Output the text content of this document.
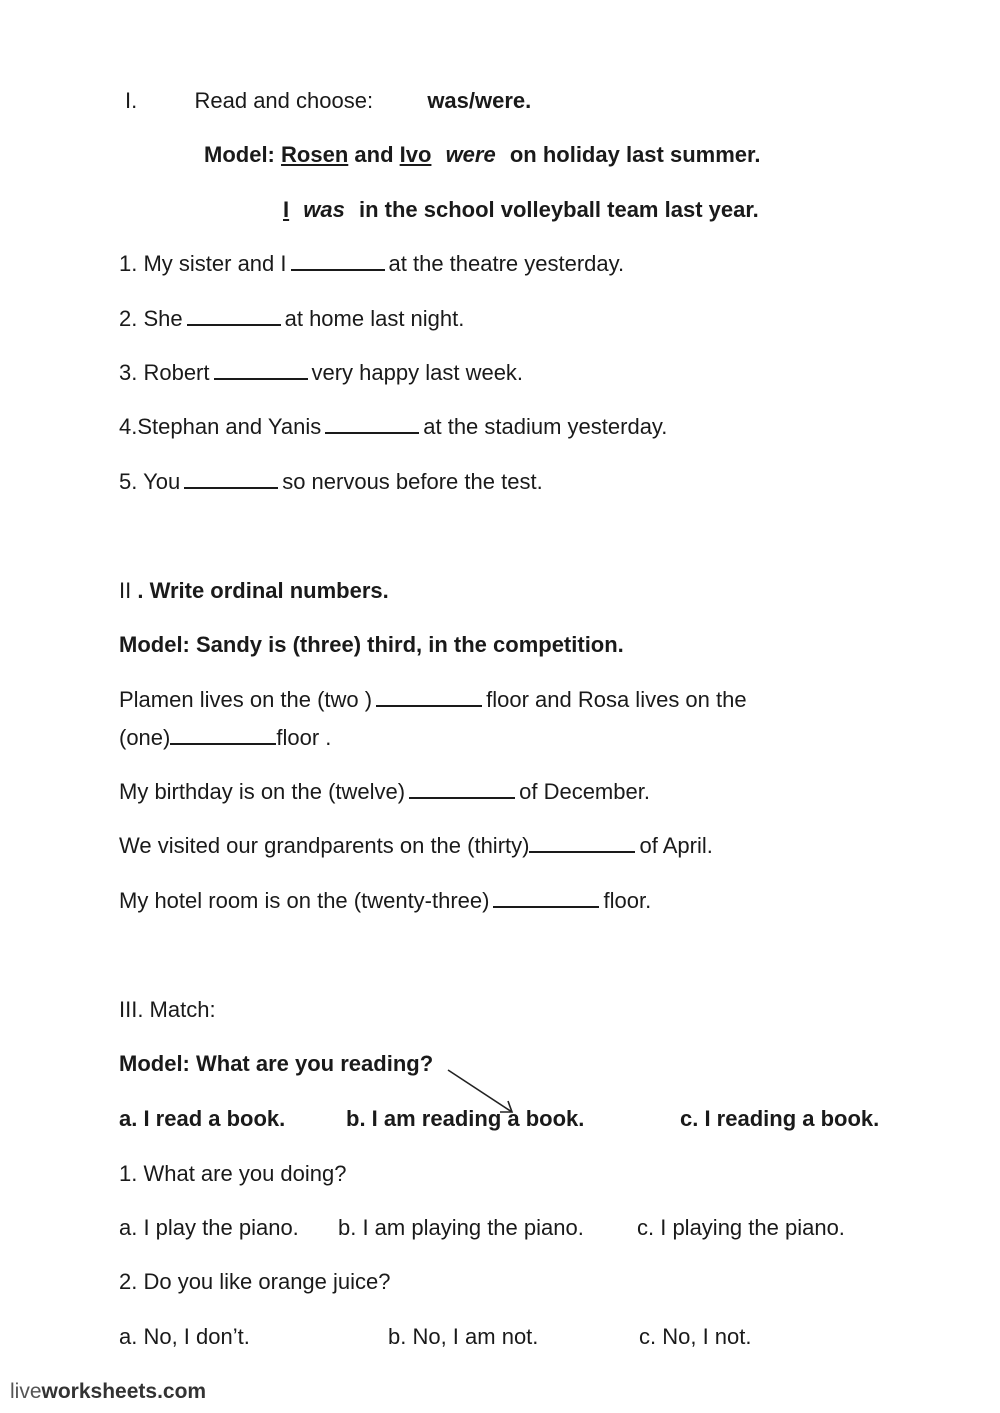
I.	Read and choose: was/were.
Model: Rosen and Ivo were on holiday last summer.
I was in the school volleyball team last year.
1. My sister and I	at the theatre yesterday.
2. She	at home last night.
3. Robert	very happy last week.
4.Stephan and Yanis	at the stadium yesterday.
5. You	so nervous before the test.
II . Write ordinal numbers.
Model: Sandy is (three) third, in the competition.
Plamen lives on the (two )	floor and Rosa lives on the
(one)	floor .
My birthday is on the (twelve)	of December.
We visited our grandparents on the (thirty)	of April.
My hotel room is on the (twenty-three)	floor.
III. Match:
Model: What are you reading?
a. I read a book.	b. I am reading a book.	c. I reading a book.
1. What are you doing?
a. I play the piano. b. I am playing the piano. c. I playing the piano.
2. Do you like orange juice?
a. No, I don’t.	b. No, I am not.	c. No, I not.
liveworksheets.com
